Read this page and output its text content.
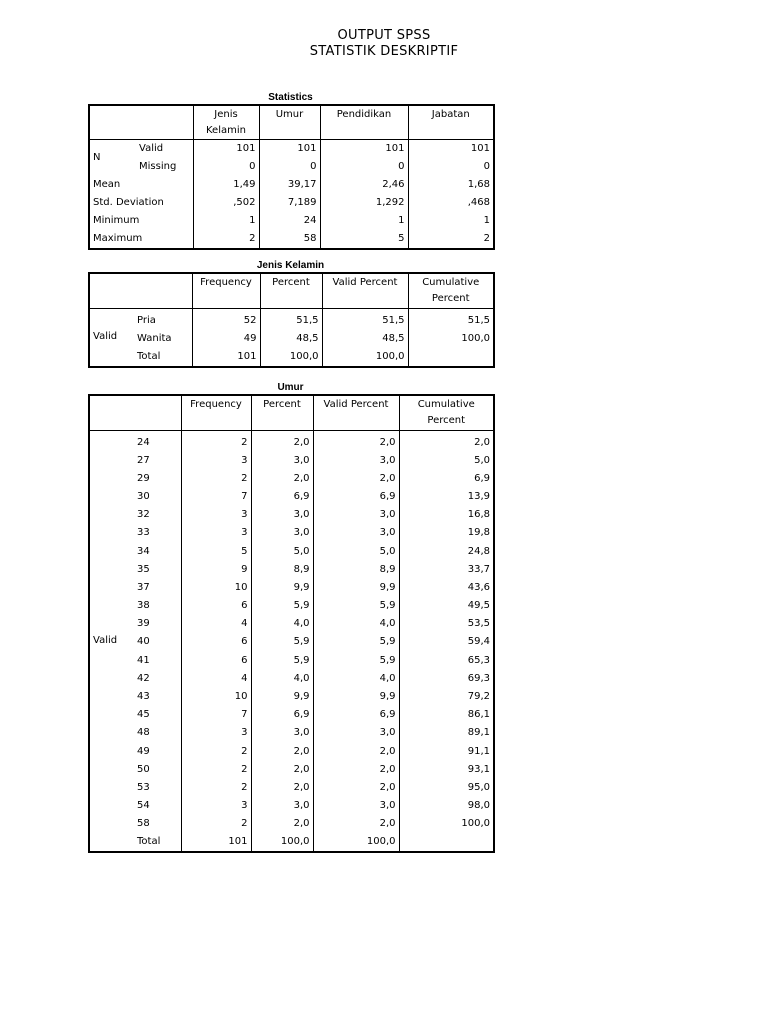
OUTPUT SPSS
STATISTIK DESKRIPTIF
Statistics
		Jenis Kelamin	Umur	Pendidikan	Jabatan
N	Valid	101	101	101	101
	Missing	0	0	0	0
Mean		1,49	39,17	2,46	1,68
Std. Deviation		,502	7,189	1,292	,468
Minimum		1	24	1	1
Maximum		2	58	5	2
Jenis Kelamin
		Frequency	Percent	Valid Percent	Cumulative Percent
Valid	Pria	52	51,5	51,5	51,5
	Wanita	49	48,5	48,5	100,0
	Total	101	100,0	100,0	
Umur
		Frequency	Percent	Valid Percent	Cumulative Percent
Valid	24	2	2,0	2,0	2,0
	27	3	3,0	3,0	5,0
	29	2	2,0	2,0	6,9
	30	7	6,9	6,9	13,9
	32	3	3,0	3,0	16,8
	33	3	3,0	3,0	19,8
	34	5	5,0	5,0	24,8
	35	9	8,9	8,9	33,7
	37	10	9,9	9,9	43,6
	38	6	5,9	5,9	49,5
	39	4	4,0	4,0	53,5
	40	6	5,9	5,9	59,4
	41	6	5,9	5,9	65,3
	42	4	4,0	4,0	69,3
	43	10	9,9	9,9	79,2
	45	7	6,9	6,9	86,1
	48	3	3,0	3,0	89,1
	49	2	2,0	2,0	91,1
	50	2	2,0	2,0	93,1
	53	2	2,0	2,0	95,0
	54	3	3,0	3,0	98,0
	58	2	2,0	2,0	100,0
	Total	101	100,0	100,0	
